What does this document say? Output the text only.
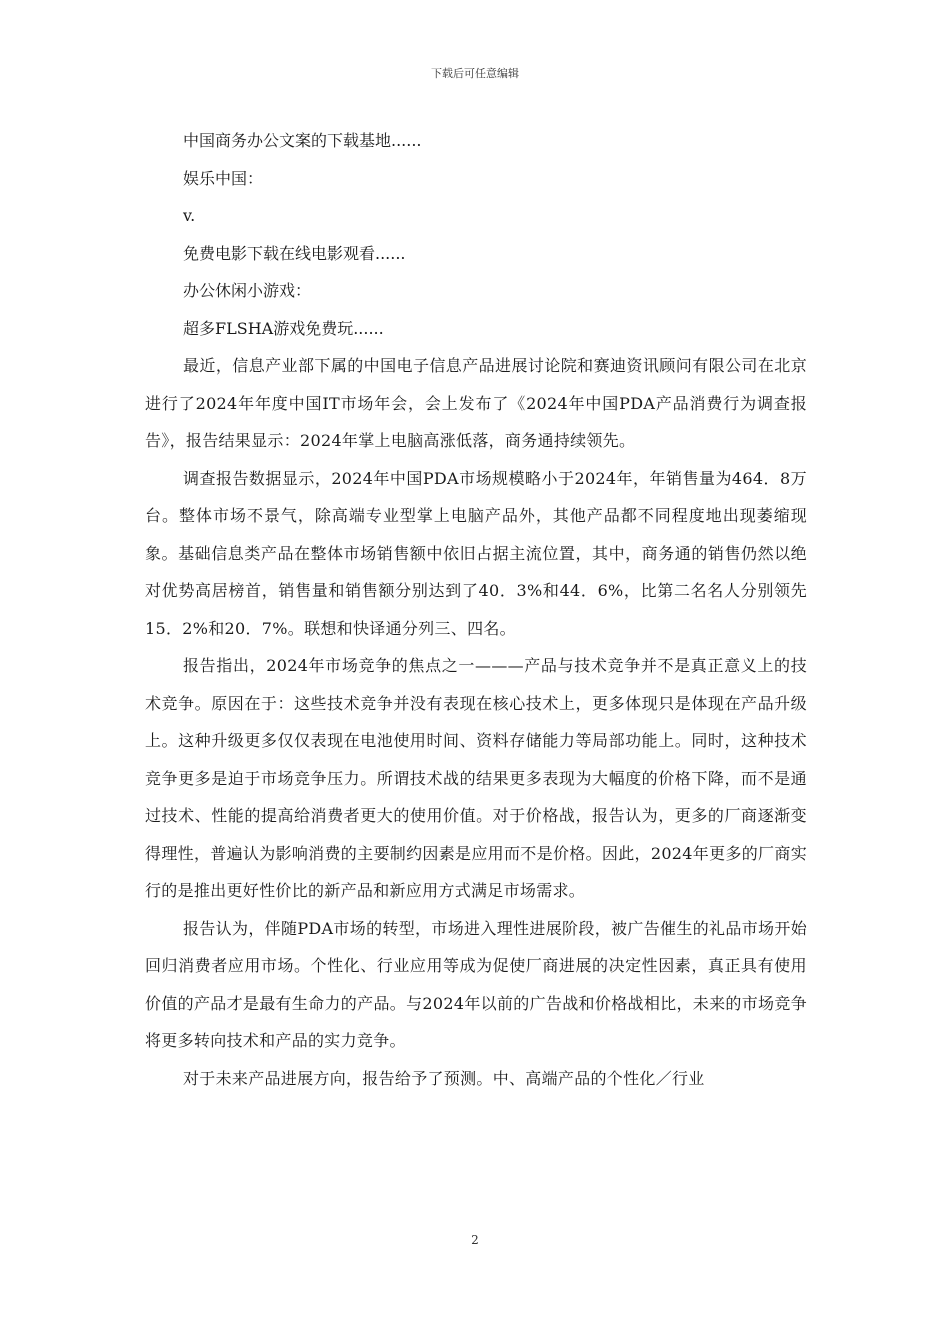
下载后可任意编辑
中国商务办公文案的下载基地......
娱乐中国：
v.
免费电影下载在线电影观看......
办公休闲小游戏：
超多FLSHA游戏免费玩......

最近，信息产业部下属的中国电子信息产品进展讨论院和赛迪资讯顾问有限公司在北京进行了2024年年度中国IT市场年会，会上发布了《2024年中国PDA产品消费行为调查报告》，报告结果显示：2024年掌上电脑高涨低落，商务通持续领先。

调查报告数据显示，2024年中国PDA市场规模略小于2024年，年销售量为464．8万台。整体市场不景气，除高端专业型掌上电脑产品外，其他产品都不同程度地出现萎缩现象。基础信息类产品在整体市场销售额中依旧占据主流位置，其中，商务通的销售仍然以绝对优势高居榜首，销售量和销售额分别达到了40．3%和44．6%，比第二名名人分别领先15．2%和20．7%。联想和快译通分列三、四名。

报告指出，2024年市场竞争的焦点之一———产品与技术竞争并不是真正意义上的技术竞争。原因在于：这些技术竞争并没有表现在核心技术上，更多体现只是体现在产品升级上。这种升级更多仅仅表现在电池使用时间、资料存储能力等局部功能上。同时，这种技术竞争更多是迫于市场竞争压力。所谓技术战的结果更多表现为大幅度的价格下降，而不是通过技术、性能的提高给消费者更大的使用价值。对于价格战，报告认为，更多的厂商逐渐变得理性，普遍认为影响消费的主要制约因素是应用而不是价格。因此，2024年更多的厂商实行的是推出更好性价比的新产品和新应用方式满足市场需求。

报告认为，伴随PDA市场的转型，市场进入理性进展阶段，被广告催生的礼品市场开始回归消费者应用市场。个性化、行业应用等成为促使厂商进展的决定性因素，真正具有使用价值的产品才是最有生命力的产品。与2024年以前的广告战和价格战相比，未来的市场竞争将更多转向技术和产品的实力竞争。

对于未来产品进展方向，报告给予了预测。中、高端产品的个性化／行业

2
